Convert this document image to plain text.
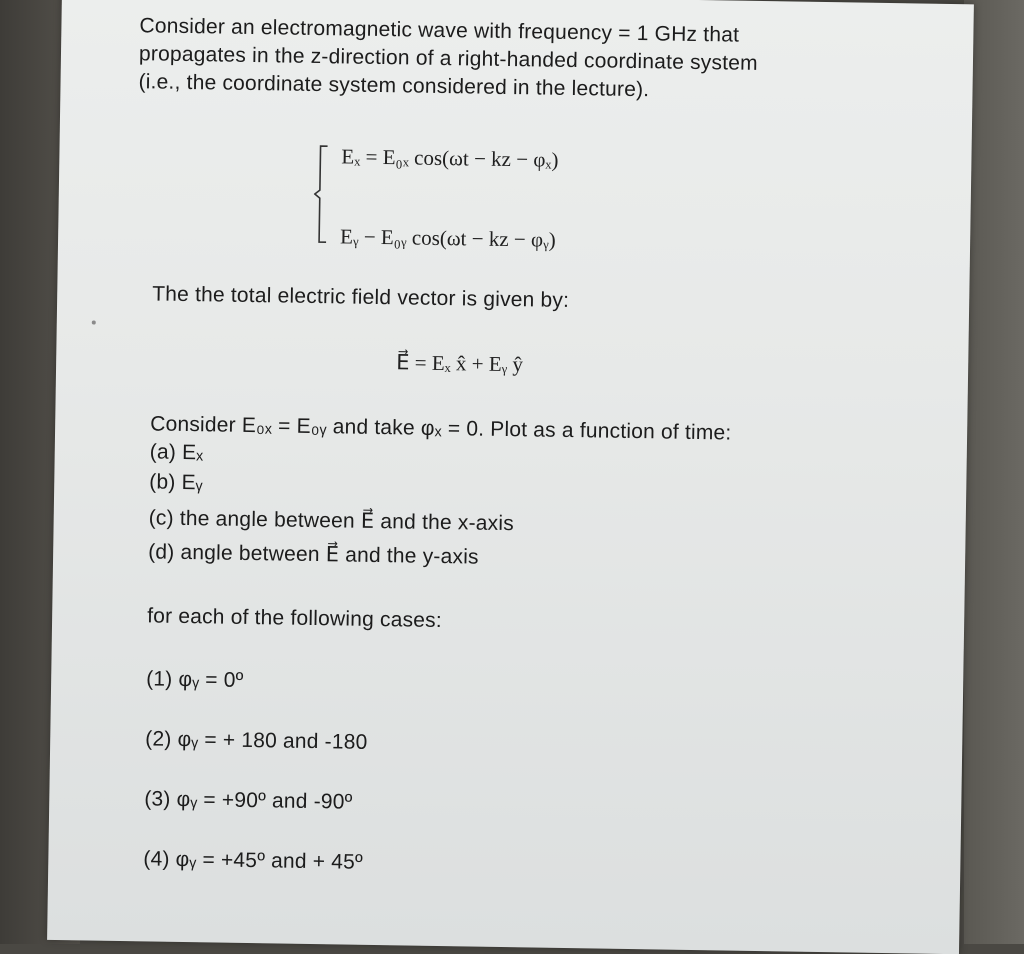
Consider an electromagnetic wave with frequency = 1 GHz that
propagates in the z-direction of a right-handed coordinate system
(i.e., the coordinate system considered in the lecture).
Eₓ = E₀ₓ cos(ωt − kz − φₓ)
Eᵧ − E₀ᵧ cos(ωt − kz − φᵧ)
The the total electric field vector is given by:
E⃗ = Eₓ x̂ + Eᵧ ŷ
Consider E₀ₓ = E₀ᵧ and take φₓ = 0. Plot as a function of time:
(a) Eₓ
(b) Eᵧ
(c) the angle between E⃗ and the x-axis
(d) angle between E⃗ and the y-axis
for each of the following cases:
(1) φᵧ = 0º
(2) φᵧ = + 180 and -180
(3) φᵧ = +90º and -90º
(4) φᵧ = +45º and + 45º
